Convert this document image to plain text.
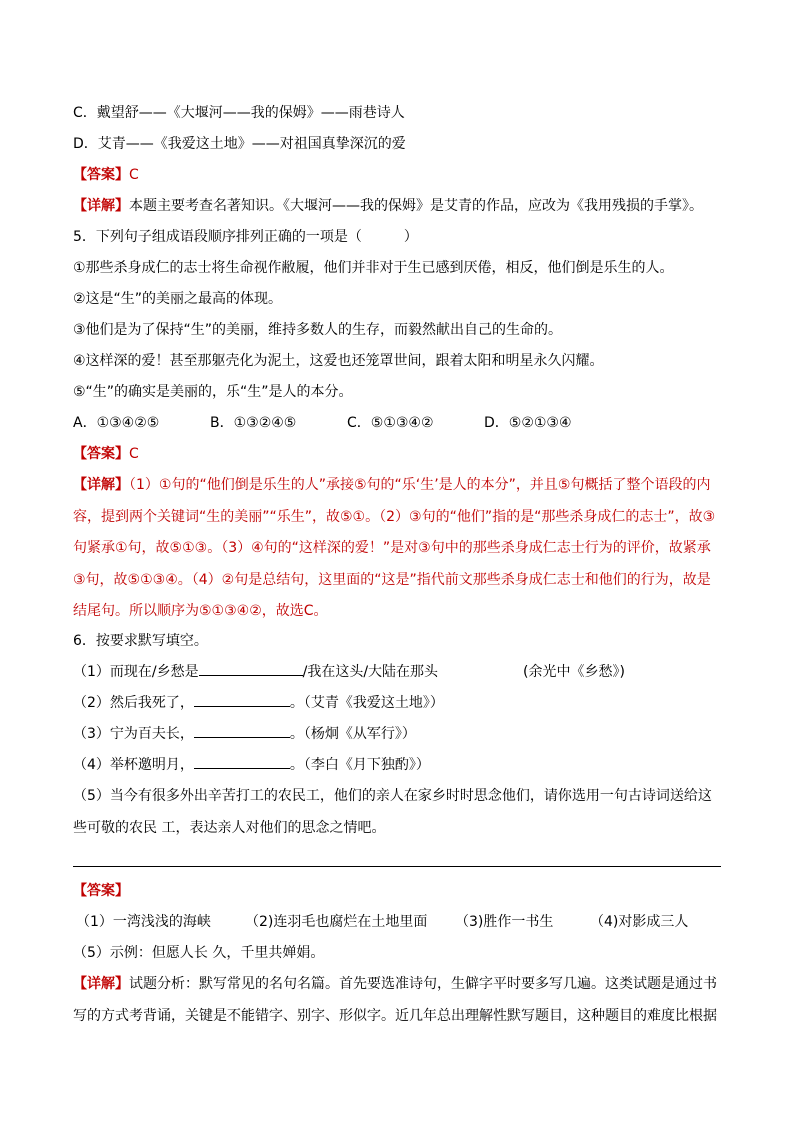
C．戴望舒——《大堰河——我的保姆》——雨巷诗人
D．艾青——《我爱这土地》——对祖国真挚深沉的爱
【答案】C
【详解】本题主要考查名著知识。《大堰河——我的保姆》是艾青的作品，应改为《我用残损的手掌》。
5．下列句子组成语段顺序排列正确的一项是（　　　）
①那些杀身成仁的志士将生命视作敝履，他们并非对于生已感到厌倦，相反，他们倒是乐生的人。
②这是“生”的美丽之最高的体现。
③他们是为了保持“生”的美丽，维持多数人的生存，而毅然献出自己的生命的。
④这样深的爱！甚至那躯壳化为泥土，这爱也还笼罩世间，跟着太阳和明星永久闪耀。
⑤“生”的确实是美丽的，乐“生”是人的本分。
A．①③④②⑤	B．①③②④⑤	C．⑤①③④②	D．⑤②①③④
【答案】C
【详解】（1）①句的“他们倒是乐生的人”承接⑤句的“乐‘生’是人的本分”，并且⑤句概括了整个语段的内容，提到两个关键词“生的美丽”“乐生”，故⑤①。（2）③句的“他们”指的是“那些杀身成仁的志士”，故③句紧承①句，故⑤①③。（3）④句的“这样深的爱！”是对③句中的那些杀身成仁志士行为的评价，故紧承③句，故⑤①③④。（4）②句是总结句，这里面的“这是”指代前文那些杀身成仁志士和他们的行为，故是结尾句。所以顺序为⑤①③④②，故选C。
6．按要求默写填空。
（1）而现在/乡愁是	/我在这头/大陆在那头	(余光中《乡愁》)
（2）然后我死了，	。（艾青《我爱这土地》）
（3）宁为百夫长，	。（杨炯《从军行》）
（4）举杯邀明月，	。（李白《月下独酌》）
（5）当今有很多外出辛苦打工的农民工，他们的亲人在家乡时时思念他们，请你选用一句古诗词送给这些可敬的农民 工，表达亲人对他们的思念之情吧。
【答案】
（1）一湾浅浅的海峡 （2)连羽毛也腐烂在土地里面 （3)胜作一书生	（4)对影成三人
（5）示例：但愿人长 久，千里共婵娟。
【详解】试题分析：默写常见的名句名篇。首先要选准诗句，生僻字平时要多写几遍。这类试题是通过书写的方式考背诵，关键是不能错字、别字、形似字。近几年总出理解性默写题目，这种题目的难度比根据
